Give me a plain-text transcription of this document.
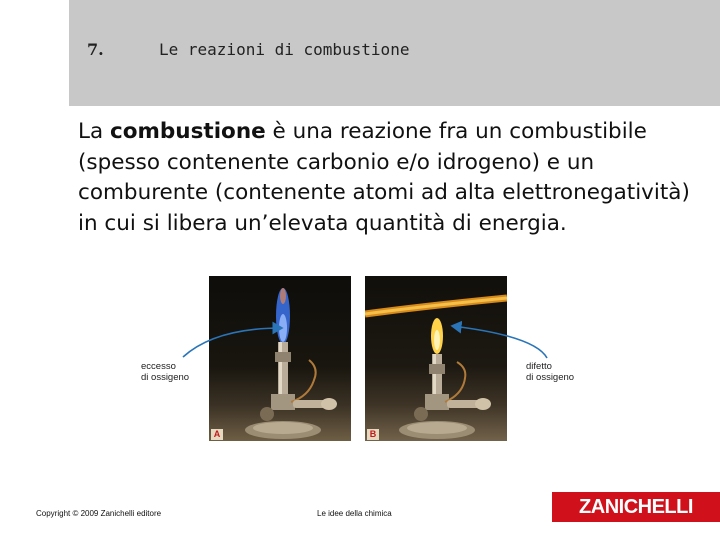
7.	Le reazioni di combustione
La combustione è una reazione fra un combustibile (spesso contenente carbonio e/o idrogeno) e un comburente (contenente atomi ad alta elettronegatività) in cui si libera un’elevata quantità di energia.
A	B
eccesso
di ossigeno
difetto
di ossigeno
Copyright © 2009 Zanichelli editore	Le idee della chimica	ZANICHELLI
